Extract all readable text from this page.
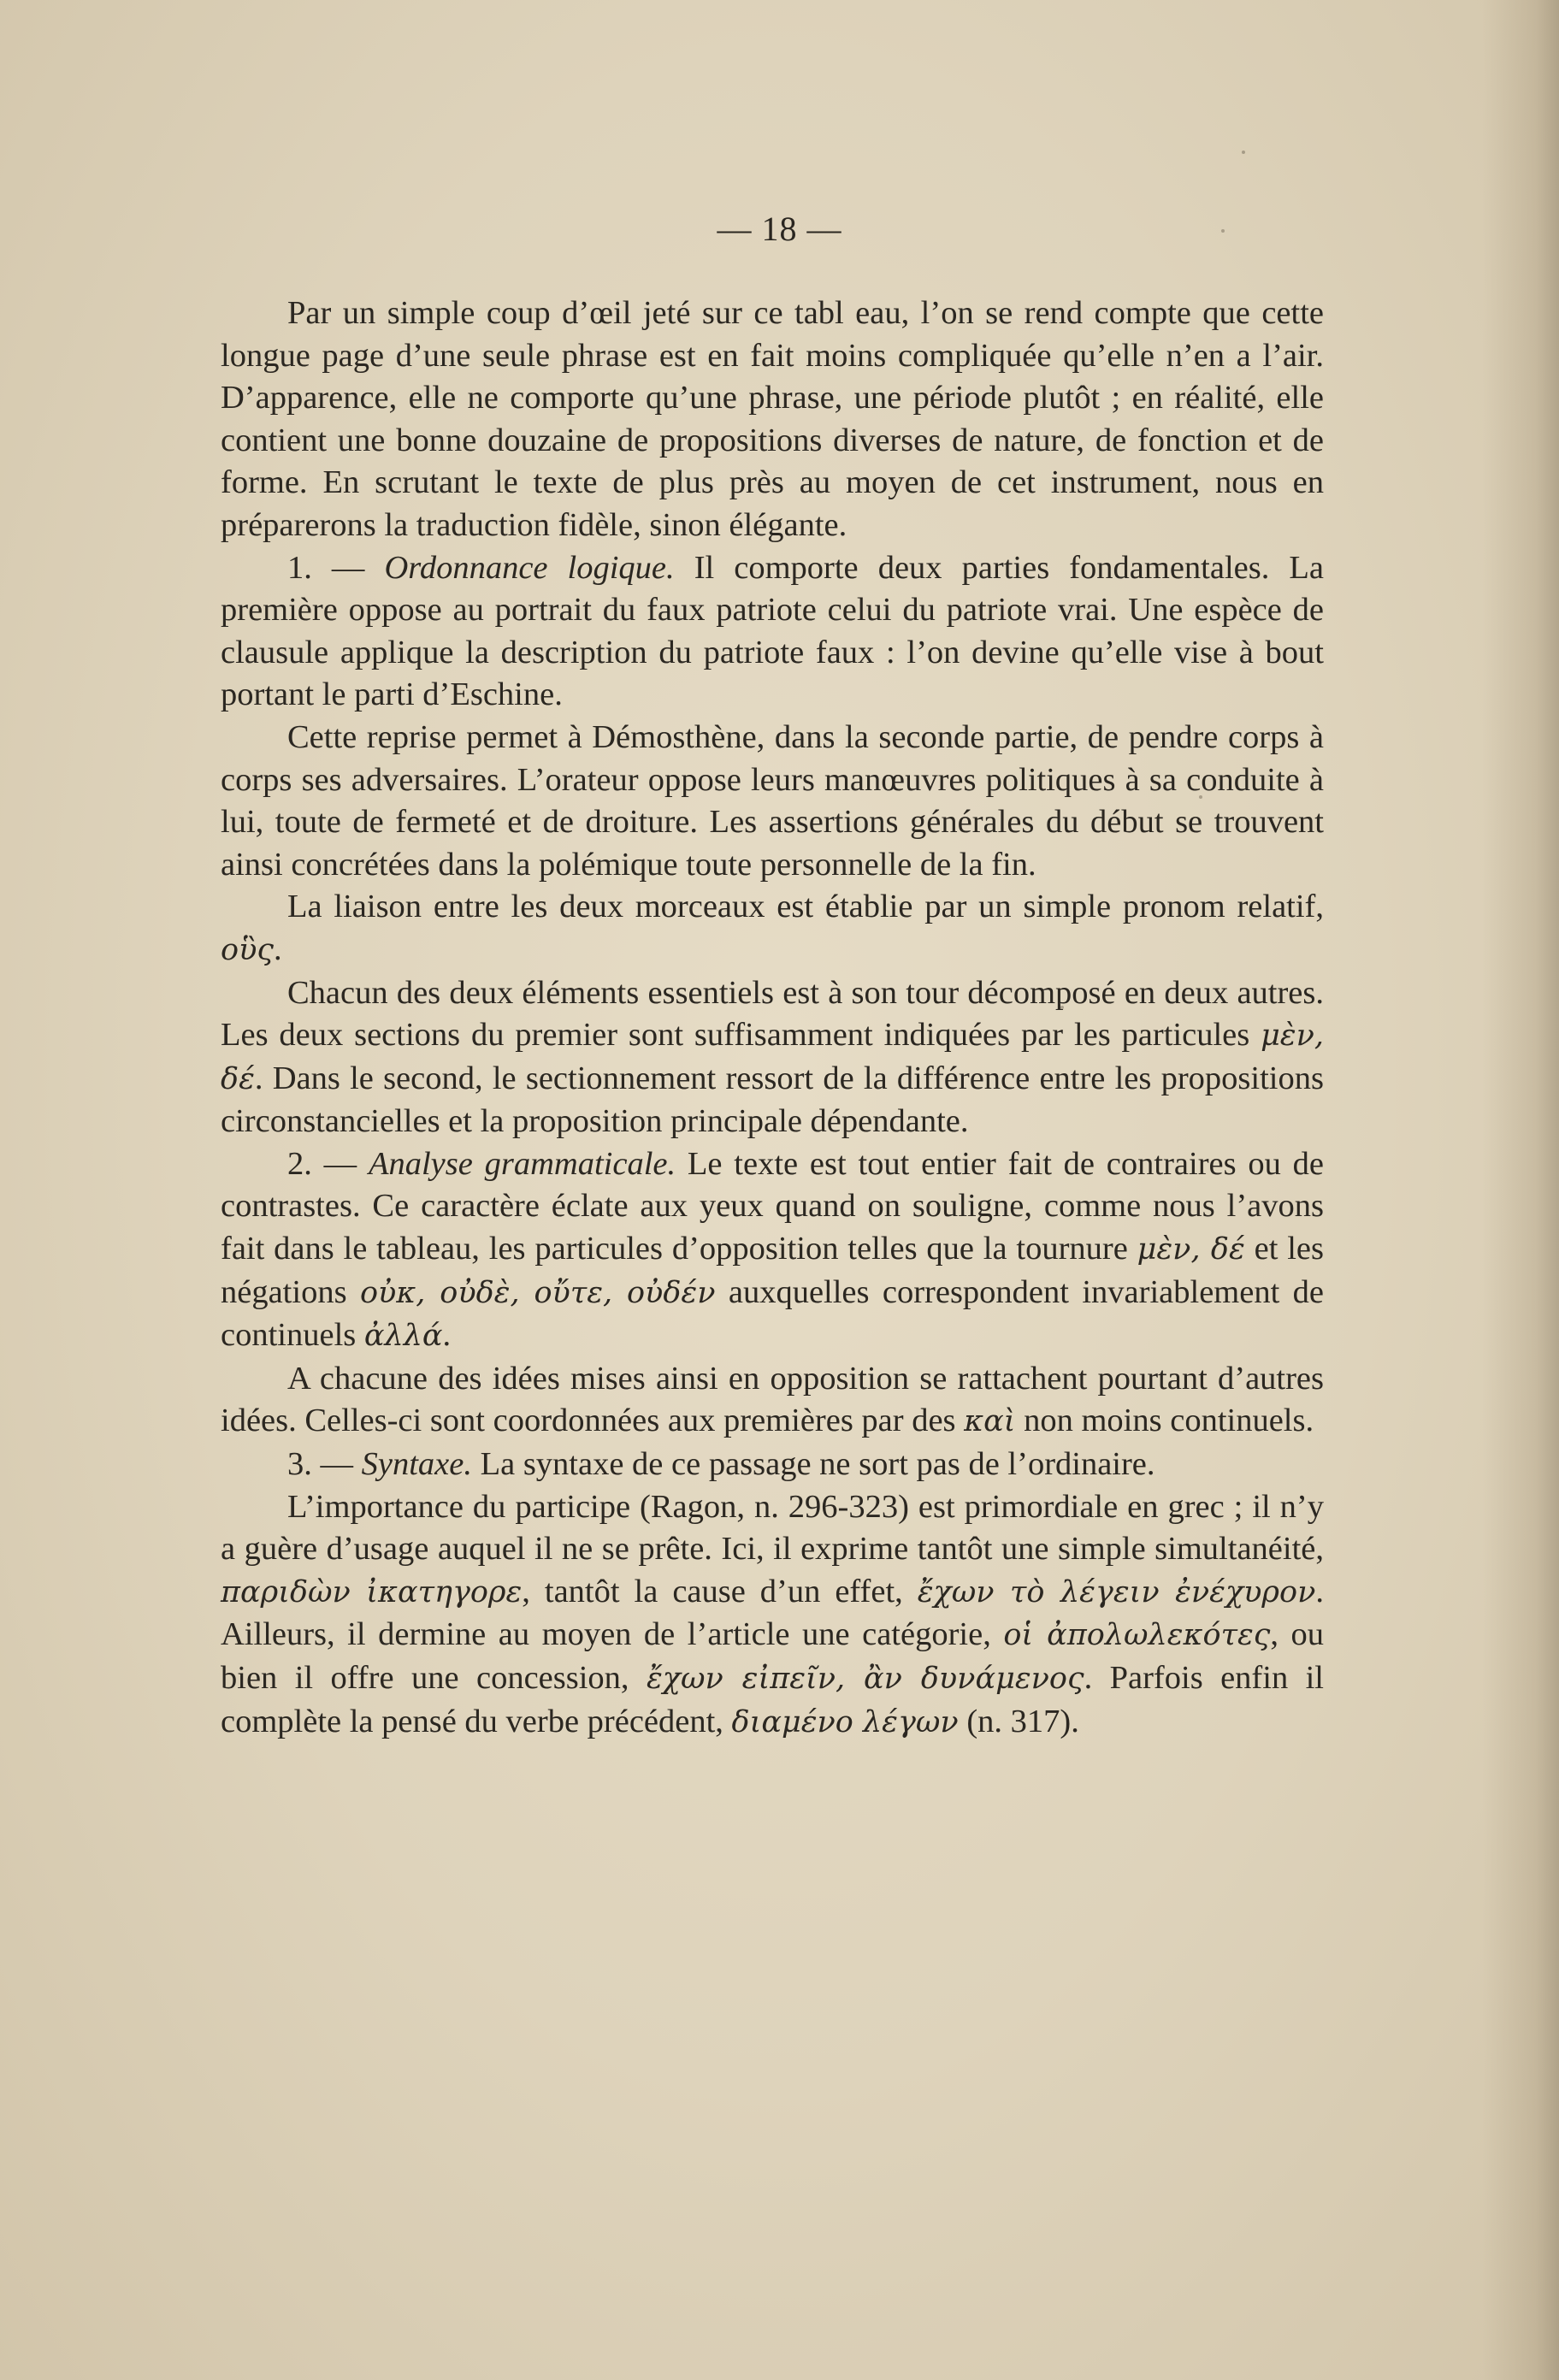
— 18 —

Par un simple coup d’œil jeté sur ce tabl eau, l’on se rend compte que cette longue page d’une seule phrase est en fait moins compliquée qu’elle n’en a l’air. D’apparence, elle ne comporte qu’une phrase, une période plutôt ; en réalité, elle contient une bonne douzaine de propositions diverses de nature, de fonction et de forme. En scrutant le texte de plus près au moyen de cet instrument, nous en préparerons la traduction fidèle, sinon élégante.

1. — Ordonnance logique. Il comporte deux parties fondamentales. La première oppose au portrait du faux patriote celui du patriote vrai. Une espèce de clausule applique la description du patriote faux : l’on devine qu’elle vise à bout portant le parti d’Eschine.

Cette reprise permet à Démosthène, dans la seconde partie, de pendre corps à corps ses adversaires. L’orateur oppose leurs manœuvres politiques à sa conduite à lui, toute de fermeté et de droiture. Les assertions générales du début se trouvent ainsi concrétées dans la polémique toute personnelle de la fin.

La liaison entre les deux morceaux est établie par un simple pronom relatif, οὓς.

Chacun des deux éléments essentiels est à son tour décomposé en deux autres. Les deux sections du premier sont suffisamment indiquées par les particules μὲν, δέ. Dans le second, le sectionnement ressort de la différence entre les propositions circonstancielles et la proposition principale dépendante.

2. — Analyse grammaticale. Le texte est tout entier fait de contraires ou de contrastes. Ce caractère éclate aux yeux quand on souligne, comme nous l’avons fait dans le tableau, les particules d’opposition telles que la tournure μὲν, δέ et les négations οὐκ, οὐδὲ, οὔτε, οὐδέν auxquelles correspondent invariablement de continuels ἀλλά.

A chacune des idées mises ainsi en opposition se rattachent pourtant d’autres idées. Celles-ci sont coordonnées aux premières par des καὶ non moins continuels.

3. — Syntaxe. La syntaxe de ce passage ne sort pas de l’ordinaire.

L’importance du participe (Ragon, n. 296-323) est primordiale en grec ; il n’y a guère d’usage auquel il ne se prête. Ici, il exprime tantôt une simple simultanéité, παριδὼν ἰκατηγορε, tantôt la cause d’un effet, ἔχων τὸ λέγειν ἐνέχυρον. Ailleurs, il dermine au moyen de l’article une catégorie, οἱ ἀπολωλεκότες, ou bien il offre une concession, ἔχων εἰπεῖν, ἂν δυνάμενος. Parfois enfin il complète la pensé du verbe précédent, διαμένο λέγων (n. 317).
